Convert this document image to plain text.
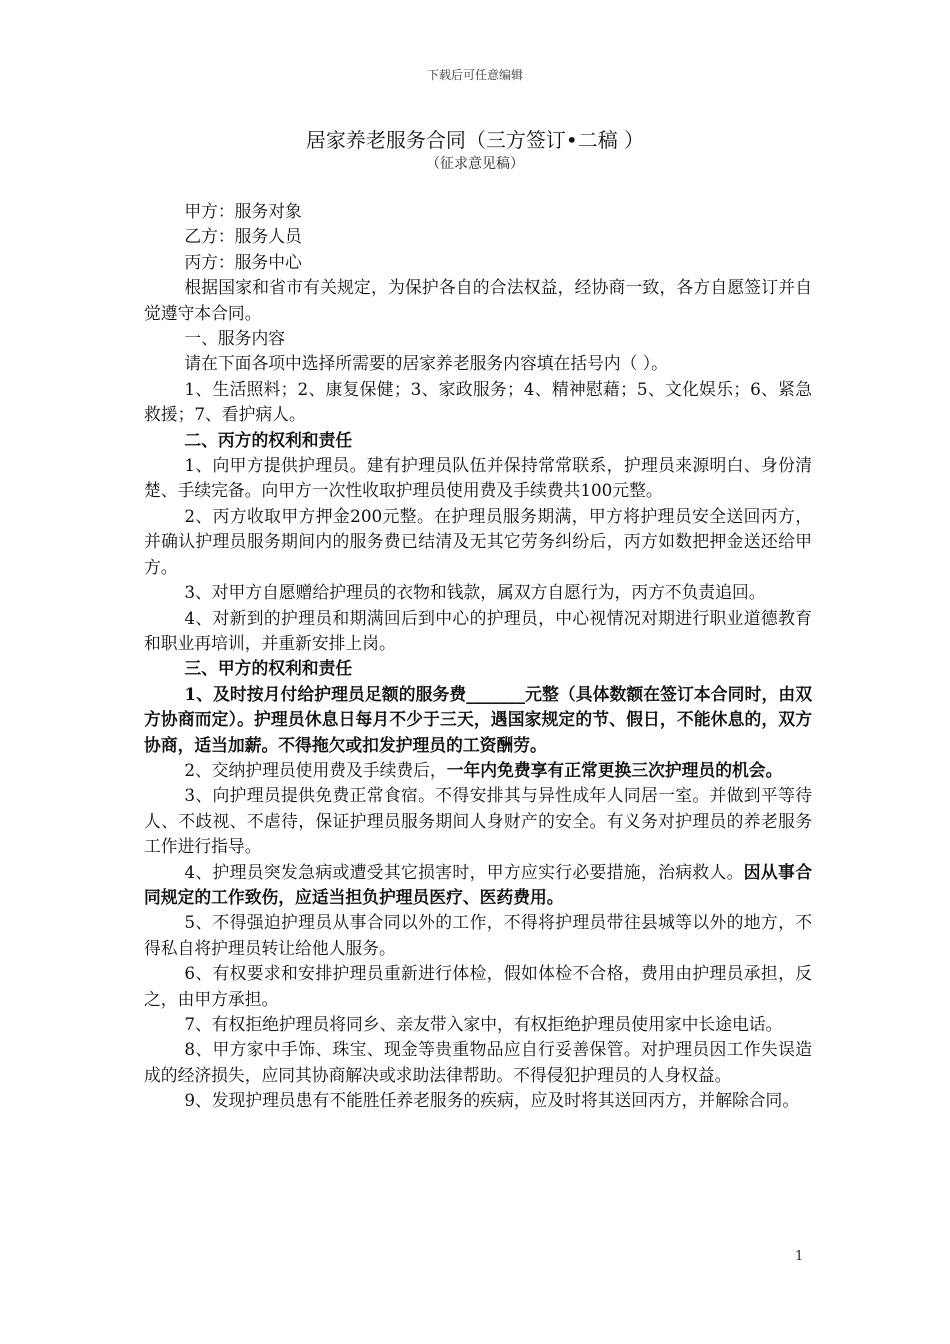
下载后可任意编辑
居家养老服务合同（三方签订•二稿 ）
（征求意见稿）

甲方：服务对象

乙方：服务人员

丙方：服务中心

根据国家和省市有关规定，为保护各自的合法权益，经协商一致，各方自愿签订并自觉遵守本合同。

一、服务内容

请在下面各项中选择所需要的居家养老服务内容填在括号内（ ）。

1、生活照料；2、康复保健；3、家政服务；4、精神慰藉；5、文化娱乐；6、紧急救援；7、看护病人。

二、丙方的权利和责任

1、向甲方提供护理员。建有护理员队伍并保持常常联系，护理员来源明白、身份清楚、手续完备。向甲方一次性收取护理员使用费及手续费共100元整。

2、丙方收取甲方押金200元整。在护理员服务期满，甲方将护理员安全送回丙方，并确认护理员服务期间内的服务费已结清及无其它劳务纠纷后，丙方如数把押金送还给甲方。

3、对甲方自愿赠给护理员的衣物和钱款，属双方自愿行为，丙方不负责追回。

4、对新到的护理员和期满回后到中心的护理员，中心视情况对期进行职业道德教育和职业再培训，并重新安排上岗。

三、甲方的权利和责任

1、及时按月付给护理员足额的服务费_______元整（具体数额在签订本合同时，由双方协商而定）。护理员休息日每月不少于三天，遇国家规定的节、假日，不能休息的，双方协商，适当加薪。不得拖欠或扣发护理员的工资酬劳。

2、交纳护理员使用费及手续费后，一年内免费享有正常更换三次护理员的机会。

3、向护理员提供免费正常食宿。不得安排其与异性成年人同居一室。并做到平等待人、不歧视、不虐待，保证护理员服务期间人身财产的安全。有义务对护理员的养老服务工作进行指导。

4、护理员突发急病或遭受其它损害时，甲方应实行必要措施，治病救人。因从事合同规定的工作致伤，应适当担负护理员医疗、医药费用。

5、不得强迫护理员从事合同以外的工作，不得将护理员带往县城等以外的地方，不得私自将护理员转让给他人服务。

6、有权要求和安排护理员重新进行体检，假如体检不合格，费用由护理员承担，反之，由甲方承担。

7、有权拒绝护理员将同乡、亲友带入家中，有权拒绝护理员使用家中长途电话。

8、甲方家中手饰、珠宝、现金等贵重物品应自行妥善保管。对护理员因工作失误造成的经济损失，应同其协商解决或求助法律帮助。不得侵犯护理员的人身权益。

9、发现护理员患有不能胜任养老服务的疾病，应及时将其送回丙方，并解除合同。

1
